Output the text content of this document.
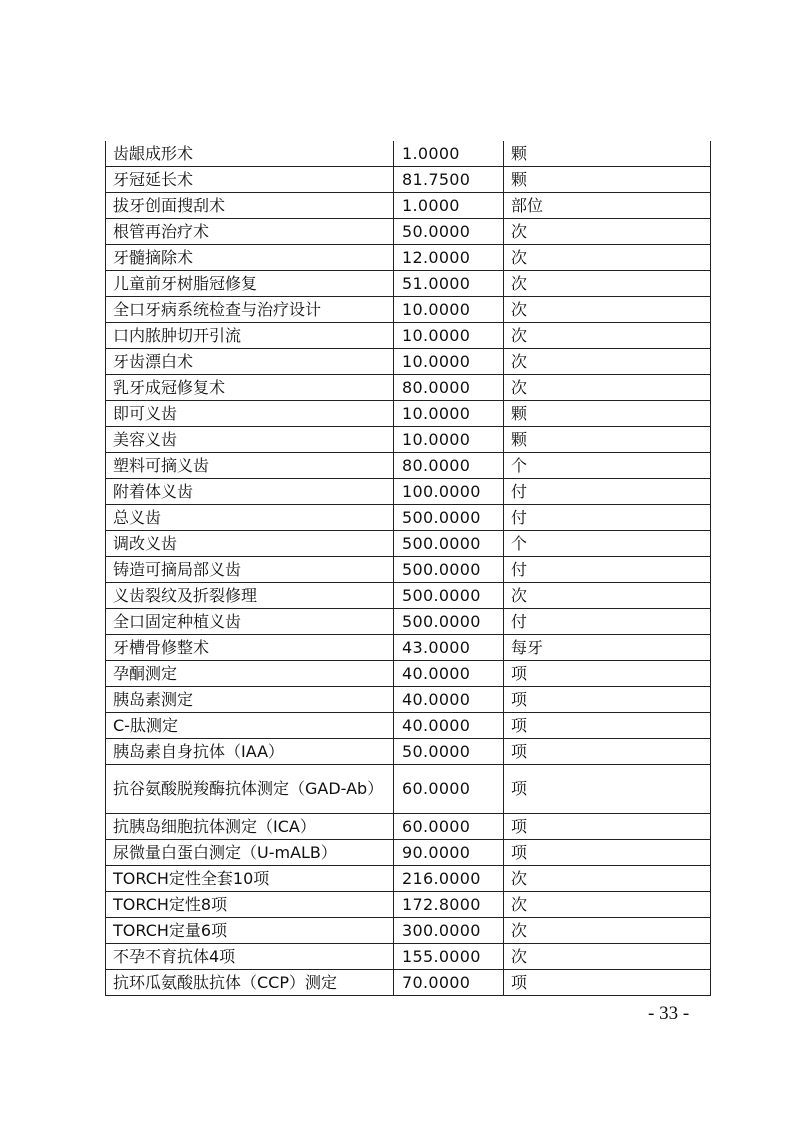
齿龈成形术	1.0000	颗
牙冠延长术	81.7500	颗
拔牙创面搜刮术	1.0000	部位
根管再治疗术	50.0000	次
牙髓摘除术	12.0000	次
儿童前牙树脂冠修复	51.0000	次
全口牙病系统检查与治疗设计	10.0000	次
口内脓肿切开引流	10.0000	次
牙齿漂白术	10.0000	次
乳牙成冠修复术	80.0000	次
即可义齿	10.0000	颗
美容义齿	10.0000	颗
塑料可摘义齿	80.0000	个
附着体义齿	100.0000	付
总义齿	500.0000	付
调改义齿	500.0000	个
铸造可摘局部义齿	500.0000	付
义齿裂纹及折裂修理	500.0000	次
全口固定种植义齿	500.0000	付
牙槽骨修整术	43.0000	每牙
孕酮测定	40.0000	项
胰岛素测定	40.0000	项
C-肽测定	40.0000	项
胰岛素自身抗体（IAA）	50.0000	项
抗谷氨酸脱羧酶抗体测定（GAD-Ab）	60.0000	项
抗胰岛细胞抗体测定（ICA）	60.0000	项
尿微量白蛋白测定（U-mALB）	90.0000	项
TORCH定性全套10项	216.0000	次
TORCH定性8项	172.8000	次
TORCH定量6项	300.0000	次
不孕不育抗体4项	155.0000	次
抗环瓜氨酸肽抗体（CCP）测定	70.0000	项
- 33 -
